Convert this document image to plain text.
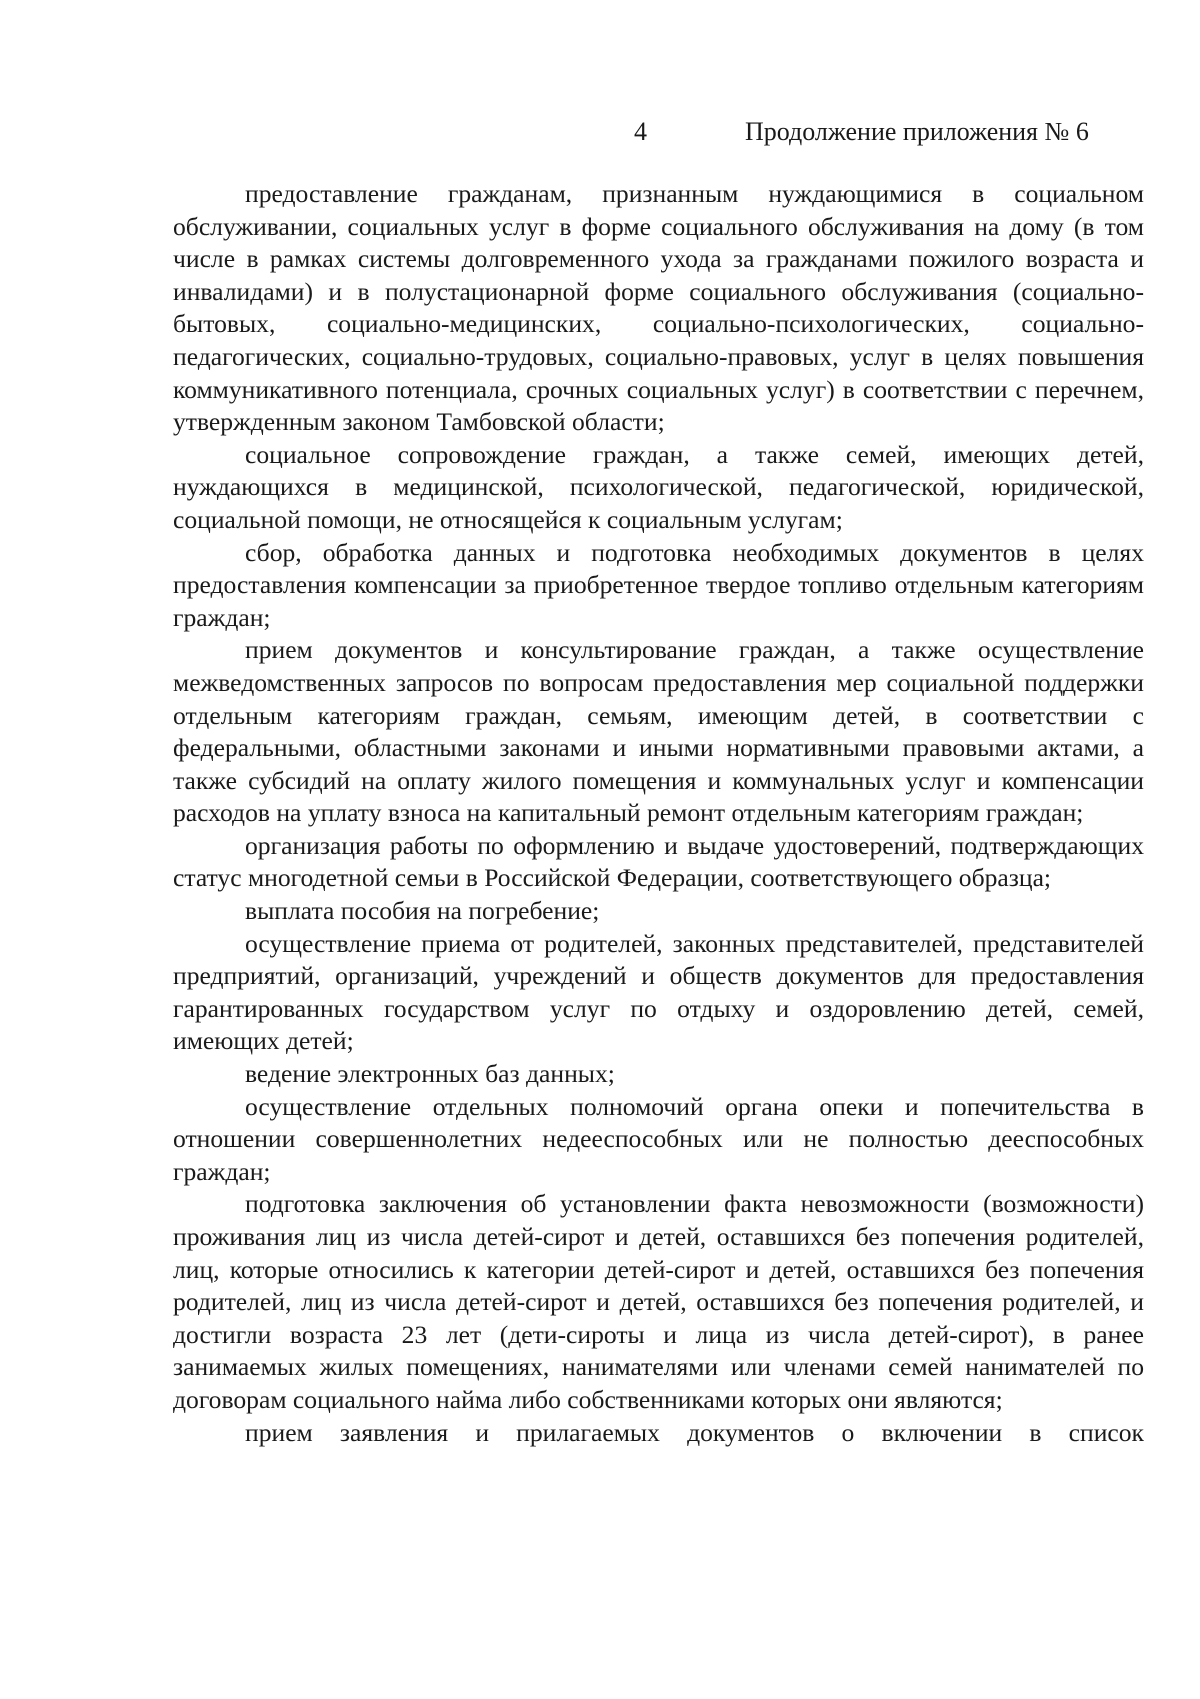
4	Продолжение приложения № 6

предоставление гражданам, признанным нуждающимися в социальном обслуживании, социальных услуг в форме социального обслуживания на дому (в том числе в рамках системы долговременного ухода за гражданами пожилого возраста и инвалидами) и в полустационарной форме социального обслуживания (социально-бытовых, социально-медицинских, социально-психологических, социально-педагогических, социально-трудовых, социально-правовых, услуг в целях повышения коммуникативного потенциала, срочных социальных услуг) в соответствии с перечнем, утвержденным законом Тамбовской области;

социальное сопровождение граждан, а также семей, имеющих детей, нуждающихся в медицинской, психологической, педагогической, юридической, социальной помощи, не относящейся к социальным услугам;

сбор, обработка данных и подготовка необходимых документов в целях предоставления компенсации за приобретенное твердое топливо отдельным категориям граждан;

прием документов и консультирование граждан, а также осуществление межведомственных запросов по вопросам предоставления мер социальной поддержки отдельным категориям граждан, семьям, имеющим детей, в соответствии с федеральными, областными законами и иными нормативными правовыми актами, а также субсидий на оплату жилого помещения и коммунальных услуг и компенсации расходов на уплату взноса на капитальный ремонт отдельным категориям граждан;

организация работы по оформлению и выдаче удостоверений, подтверждающих статус многодетной семьи в Российской Федерации, соответствующего образца;

выплата пособия на погребение;

осуществление приема от родителей, законных представителей, представителей предприятий, организаций, учреждений и обществ документов для предоставления гарантированных государством услуг по отдыху и оздоровлению детей, семей, имеющих детей;

ведение электронных баз данных;

осуществление отдельных полномочий органа опеки и попечительства в отношении совершеннолетних недееспособных или не полностью дееспособных граждан;

подготовка заключения об установлении факта невозможности (возможности) проживания лиц из числа детей-сирот и детей, оставшихся без попечения родителей, лиц, которые относились к категории детей-сирот и детей, оставшихся без попечения родителей, лиц из числа детей-сирот и детей, оставшихся без попечения родителей, и достигли возраста 23 лет (дети-сироты и лица из числа детей-сирот), в ранее занимаемых жилых помещениях, нанимателями или членами семей нанимателей по договорам социального найма либо собственниками которых они являются;

прием заявления и прилагаемых документов о включении в список
